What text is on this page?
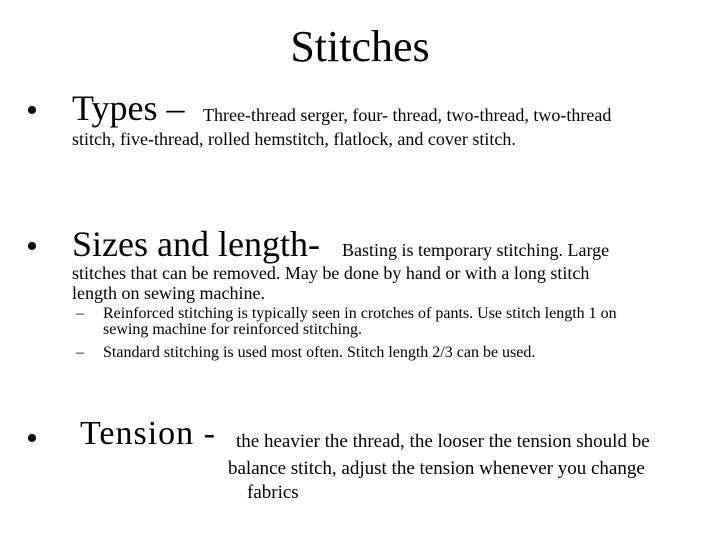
Stitches
• Types – Three-thread serger, four- thread, two-thread, two-thread
stitch, five-thread, rolled hemstitch, flatlock, and cover stitch.
• Sizes and length- Basting is temporary stitching. Large
stitches that can be removed. May be done by hand or with a long stitch
length on sewing machine.
– Reinforced stitching is typically seen in crotches of pants. Use stitch length 1 on
sewing machine for reinforced stitching.
– Standard stitching is used most often. Stitch length 2/3 can be used.
• Tension - the heavier the thread, the looser the tension should be
balance stitch, adjust the tension whenever you change
fabrics
